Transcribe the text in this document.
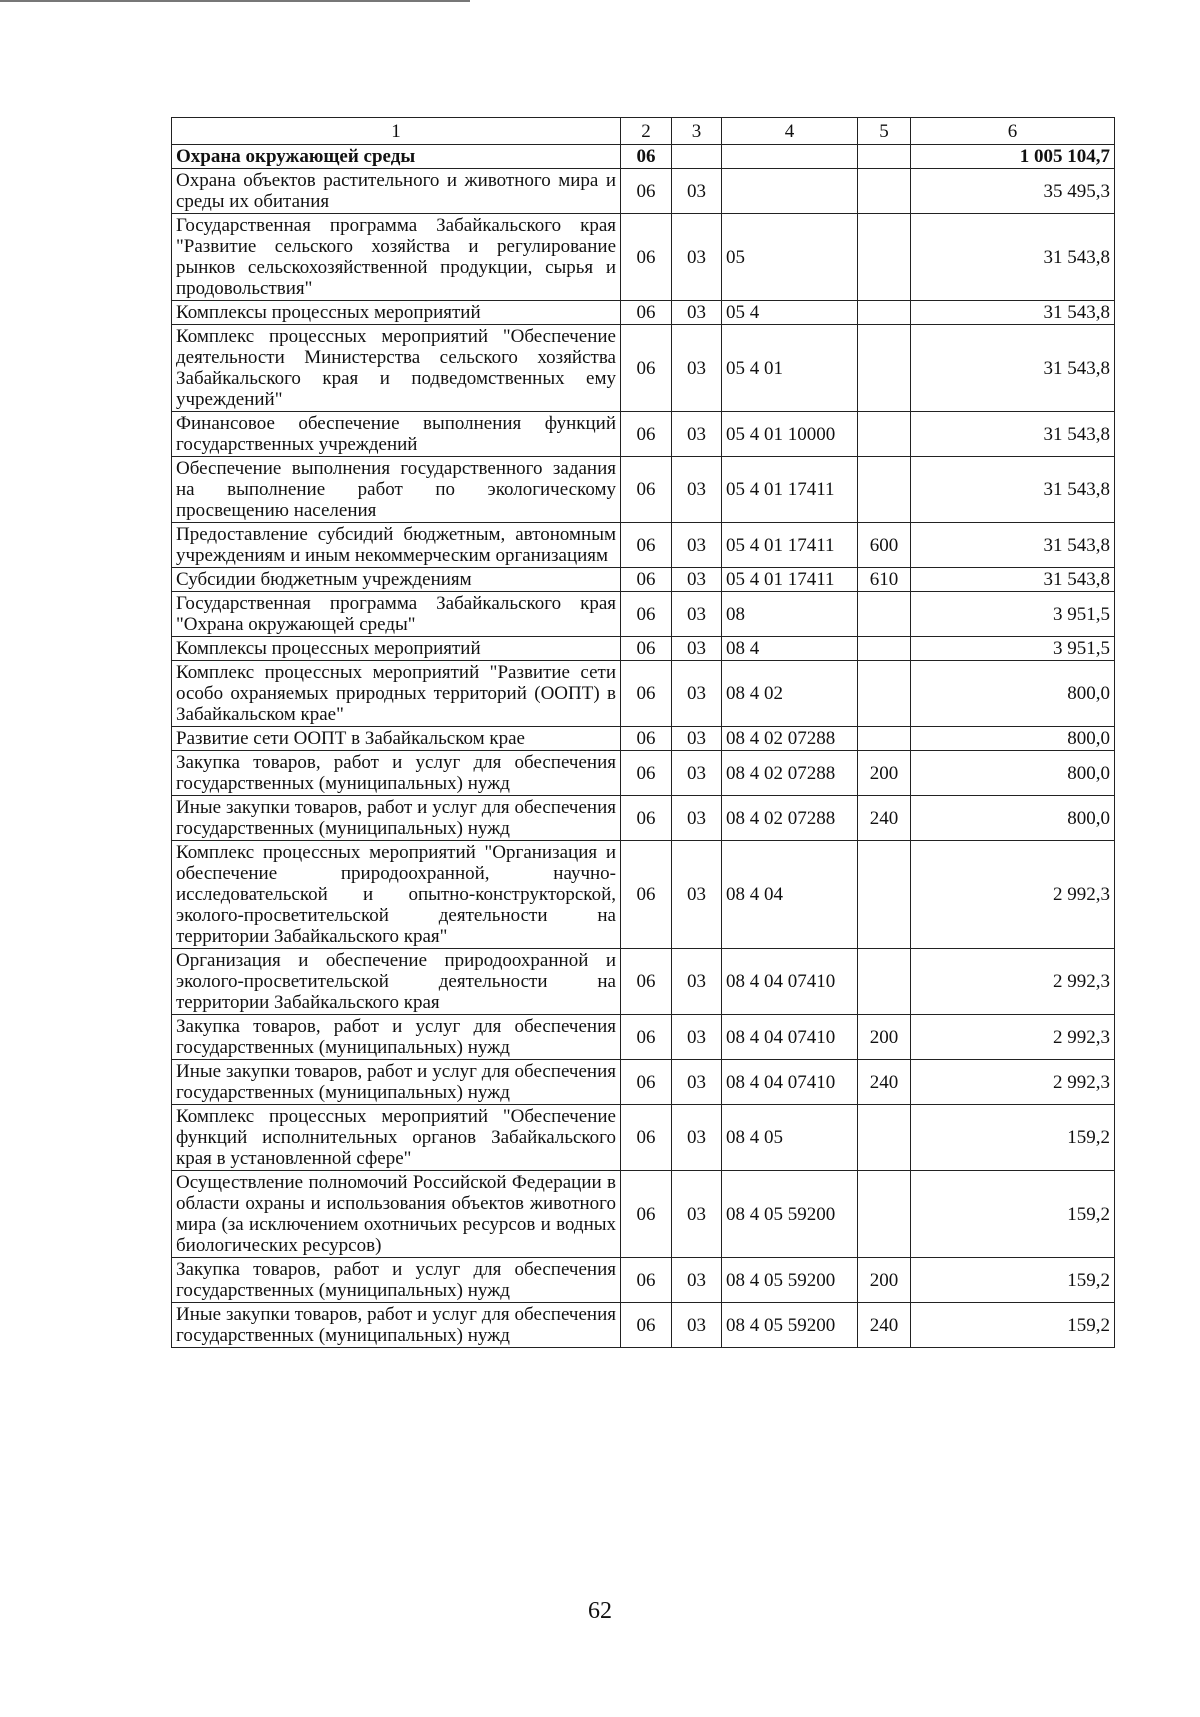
1	2	3	4	5	6
Охрана окружающей среды	06				1 005 104,7
Охрана объектов растительного и животного мира и среды их обитания	06	03			35 495,3
Государственная программа Забайкальского края "Развитие сельского хозяйства и регулирование рынков сельскохозяйственной продукции, сырья и продовольствия"	06	03	05		31 543,8
Комплексы процессных мероприятий	06	03	05 4		31 543,8
Комплекс процессных мероприятий "Обеспечение деятельности Министерства сельского хозяйства Забайкальского края и подведомственных ему учреждений"	06	03	05 4 01		31 543,8
Финансовое обеспечение выполнения функций государственных учреждений	06	03	05 4 01 10000		31 543,8
Обеспечение выполнения государственного задания на выполнение работ по экологическому просвещению населения	06	03	05 4 01 17411		31 543,8
Предоставление субсидий бюджетным, автономным учреждениям и иным некоммерческим организациям	06	03	05 4 01 17411	600	31 543,8
Субсидии бюджетным учреждениям	06	03	05 4 01 17411	610	31 543,8
Государственная программа Забайкальского края "Охрана окружающей среды"	06	03	08		3 951,5
Комплексы процессных мероприятий	06	03	08 4		3 951,5
Комплекс процессных мероприятий "Развитие сети особо охраняемых природных территорий (ООПТ) в Забайкальском крае"	06	03	08 4 02		800,0
Развитие сети ООПТ в Забайкальском крае	06	03	08 4 02 07288		800,0
Закупка товаров, работ и услуг для обеспечения государственных (муниципальных) нужд	06	03	08 4 02 07288	200	800,0
Иные закупки товаров, работ и услуг для обеспечения государственных (муниципальных) нужд	06	03	08 4 02 07288	240	800,0
Комплекс процессных мероприятий "Организация и обеспечение природоохранной, научно-исследовательской и опытно-конструкторской, эколого-просветительской деятельности на территории Забайкальского края"	06	03	08 4 04		2 992,3
Организация и обеспечение природоохранной и эколого-просветительской деятельности на территории Забайкальского края	06	03	08 4 04 07410		2 992,3
Закупка товаров, работ и услуг для обеспечения государственных (муниципальных) нужд	06	03	08 4 04 07410	200	2 992,3
Иные закупки товаров, работ и услуг для обеспечения государственных (муниципальных) нужд	06	03	08 4 04 07410	240	2 992,3
Комплекс процессных мероприятий "Обеспечение функций исполнительных органов Забайкальского края в установленной сфере"	06	03	08 4 05		159,2
Осуществление полномочий Российской Федерации в области охраны и использования объектов животного мира (за исключением охотничьих ресурсов и водных биологических ресурсов)	06	03	08 4 05 59200		159,2
Закупка товаров, работ и услуг для обеспечения государственных (муниципальных) нужд	06	03	08 4 05 59200	200	159,2
Иные закупки товаров, работ и услуг для обеспечения государственных (муниципальных) нужд	06	03	08 4 05 59200	240	159,2
62
